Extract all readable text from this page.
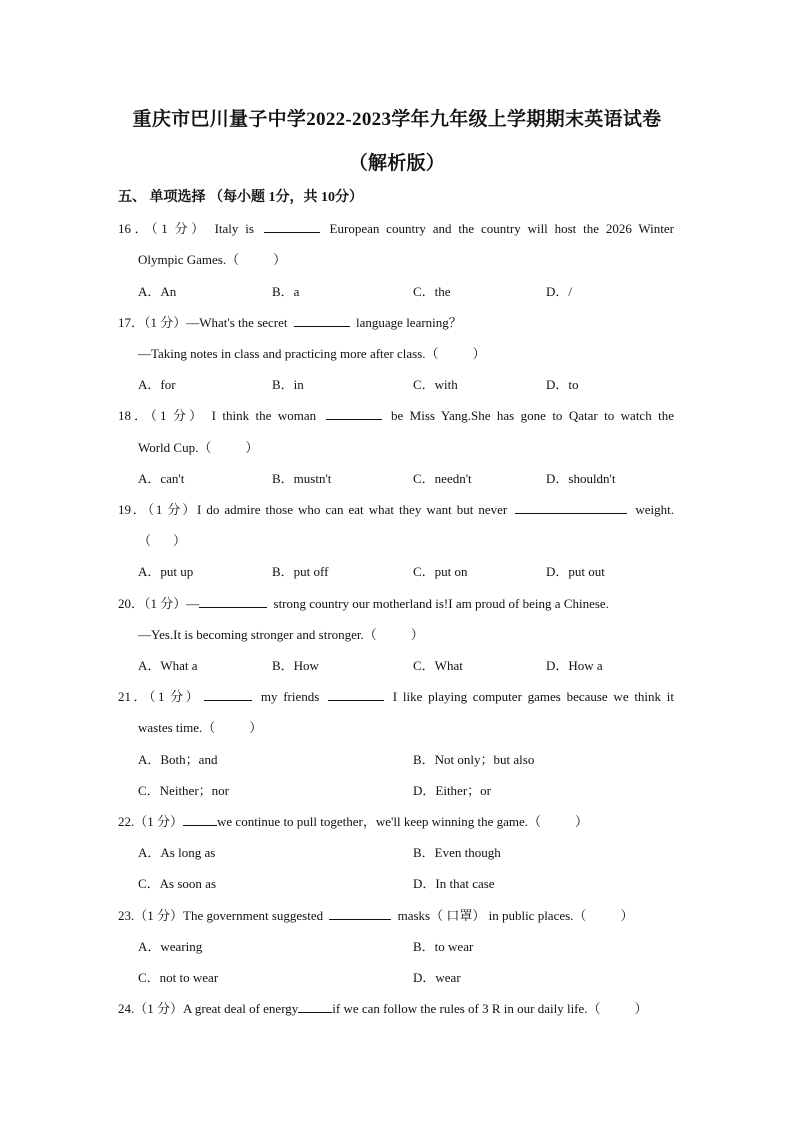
重庆市巴川量子中学2022-2023学年九年级上学期期末英语试卷
（解析版）
五、 单项选择 （每小题 1分，共 10分）
16．（1 分） Italy is	European country and the country will host the 2026 Winter
Olympic Games.（	）
A．An	B．a	C．the	D．/
17．（1 分）—What's the secret	language learning？
—Taking notes in class and practicing more after class.（	）
A．for	B．in	C．with	D．to
18．（1 分） I think the woman	be Miss Yang.She has gone to Qatar to watch the
World Cup.（	）
A．can't	B．mustn't	C．needn't	D．shouldn't
19．（1 分）I do admire those who can eat what they want but never	weight.
（ ）
A．put up	B．put off	C．put on	D．put out
20．（1 分）—	strong country our motherland is!I am proud of being a Chinese.
—Yes.It is becoming stronger and stronger.（	）
A．What a	B．How	C．What	D．How a
21．（1 分）	my friends	I like playing computer games because we think it
wastes time.（	）
A．Both；and	B．Not only；but also
C．Neither；nor	D．Either；or
22.（1 分）	we continue to pull together，we'll keep winning the game.（	）
A．As long as	B．Even though
C．As soon as	D．In that case
23.（1 分）The government suggested	masks（ 口罩） in public places.（	）
A．wearing	B．to wear
C．not to wear	D．wear
24.（1 分）A great deal of energy	if we can follow the rules of 3 R in our daily life.（	）
